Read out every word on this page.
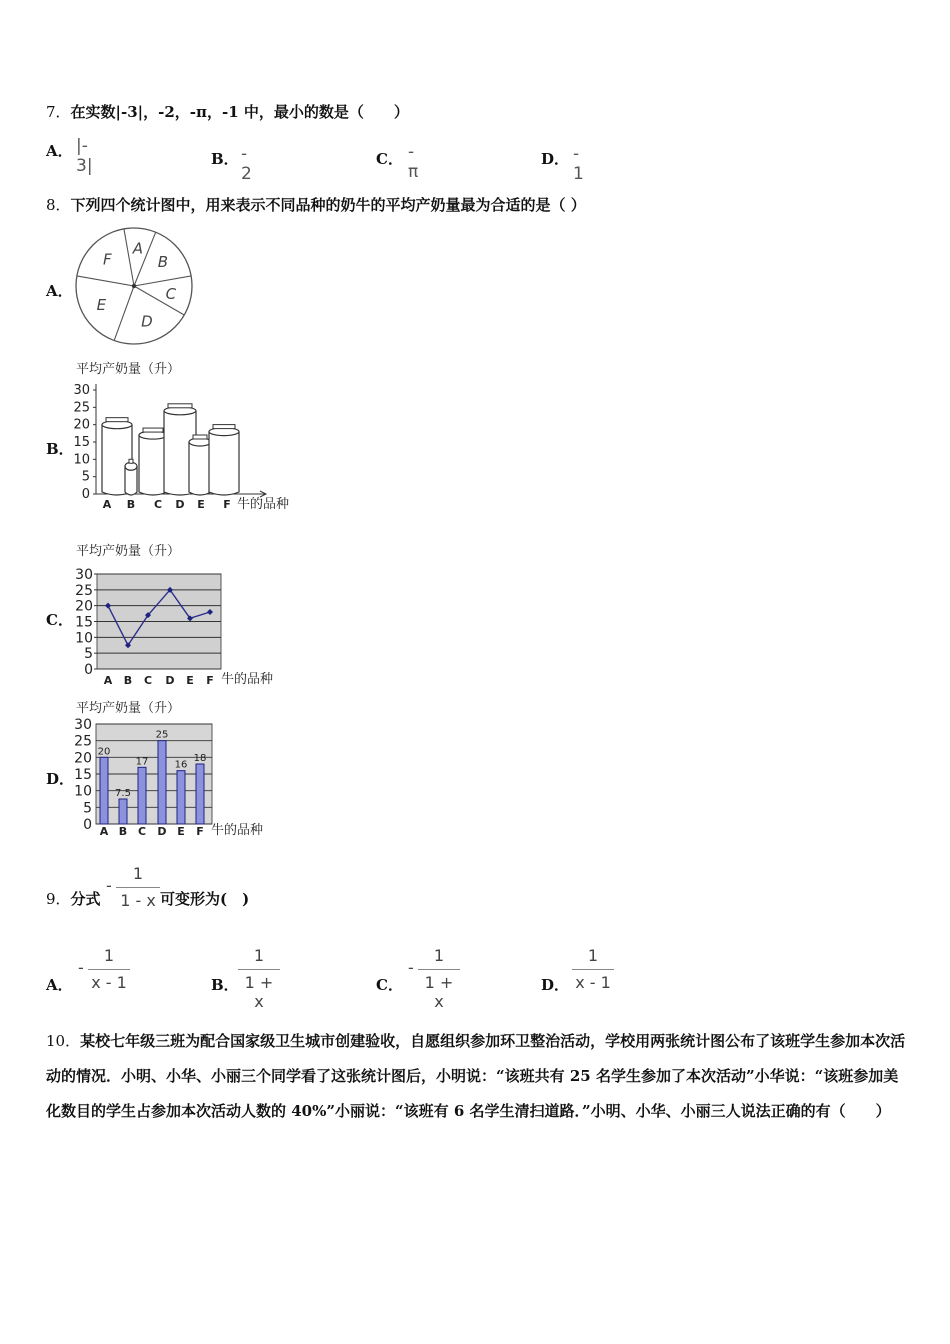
7．在实数|-3|，-2，-π，-1 中，最小的数是（　　）
A． |- 3|	B． - 2
C． - π
D． - 1
8．下列四个统计图中，用来表示不同品种的奶牛的平均产奶量最为合适的是（ ）
A．
A
B
C
D
E
F
B．
平均产奶量（升）
0
5
10
15
20
25
30
A B C D E F 牛的品种
C．
平均产奶量（升）
0
5
10
15
20
25
30
A B C D E F 牛的品种
D．
平均产奶量（升）
0
5
10
15
20
25
30
20
7.5
17
25
16
18
A B C D E F 牛的品种
9．分式
- $\frac{1}{1 - x}$ 可变形为(　)
A．
- $\frac{1}{x - 1}$	B． $\frac{1}{1 + x}$	C．
- $\frac{1}{1 + x}$	D． $\frac{1}{x - 1}$
10．某校七年级三班为配合国家级卫生城市创建验收，自愿组织参加环卫整治活动，学校用两张统计图公布了该班学生参加本次活动的情况．小明、小华、小丽三个同学看了这张统计图后，小明说：“该班共有 25 名学生参加了本次活动”小华说：“该班参加美化数目的学生占参加本次活动人数的 40%”小丽说：“该班有 6 名学生清扫道路．”小明、小华、小丽三人说法正确的有（　　）
